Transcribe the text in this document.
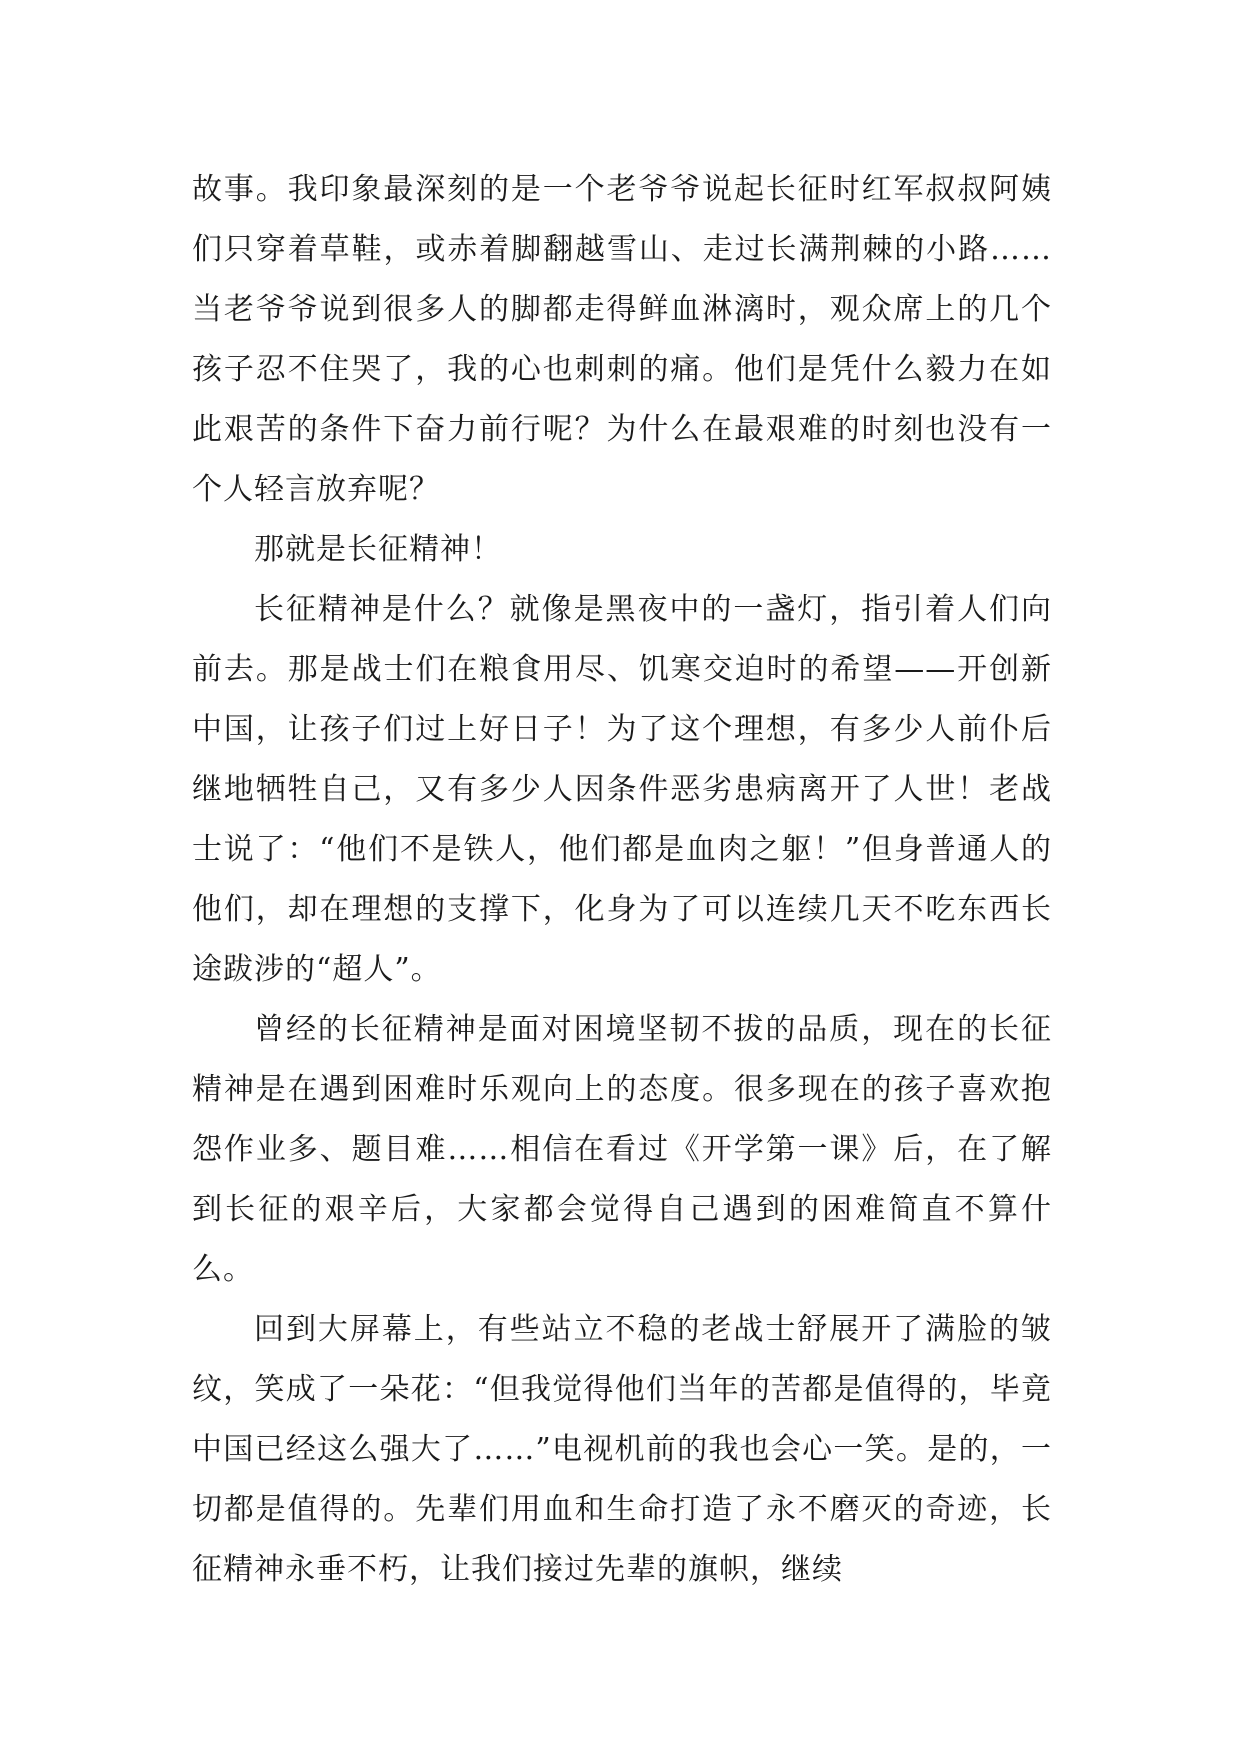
故事。我印象最深刻的是一个老爷爷说起长征时红军叔叔阿姨们只穿着草鞋，或赤着脚翻越雪山、走过长满荆棘的小路……当老爷爷说到很多人的脚都走得鲜血淋漓时，观众席上的几个孩子忍不住哭了，我的心也刺刺的痛。他们是凭什么毅力在如此艰苦的条件下奋力前行呢？为什么在最艰难的时刻也没有一个人轻言放弃呢？

那就是长征精神！

长征精神是什么？就像是黑夜中的一盏灯，指引着人们向前去。那是战士们在粮食用尽、饥寒交迫时的希望——开创新中国，让孩子们过上好日子！为了这个理想，有多少人前仆后继地牺牲自己，又有多少人因条件恶劣患病离开了人世！老战士说了：“他们不是铁人，他们都是血肉之躯！”但身普通人的他们，却在理想的支撑下，化身为了可以连续几天不吃东西长途跋涉的“超人”。

曾经的长征精神是面对困境坚韧不拔的品质，现在的长征精神是在遇到困难时乐观向上的态度。很多现在的孩子喜欢抱怨作业多、题目难……相信在看过《开学第一课》后，在了解到长征的艰辛后，大家都会觉得自己遇到的困难简直不算什么。

回到大屏幕上，有些站立不稳的老战士舒展开了满脸的皱纹，笑成了一朵花：“但我觉得他们当年的苦都是值得的，毕竟中国已经这么强大了……”电视机前的我也会心一笑。是的，一切都是值得的。先辈们用血和生命打造了永不磨灭的奇迹，长征精神永垂不朽，让我们接过先辈的旗帜，继续
